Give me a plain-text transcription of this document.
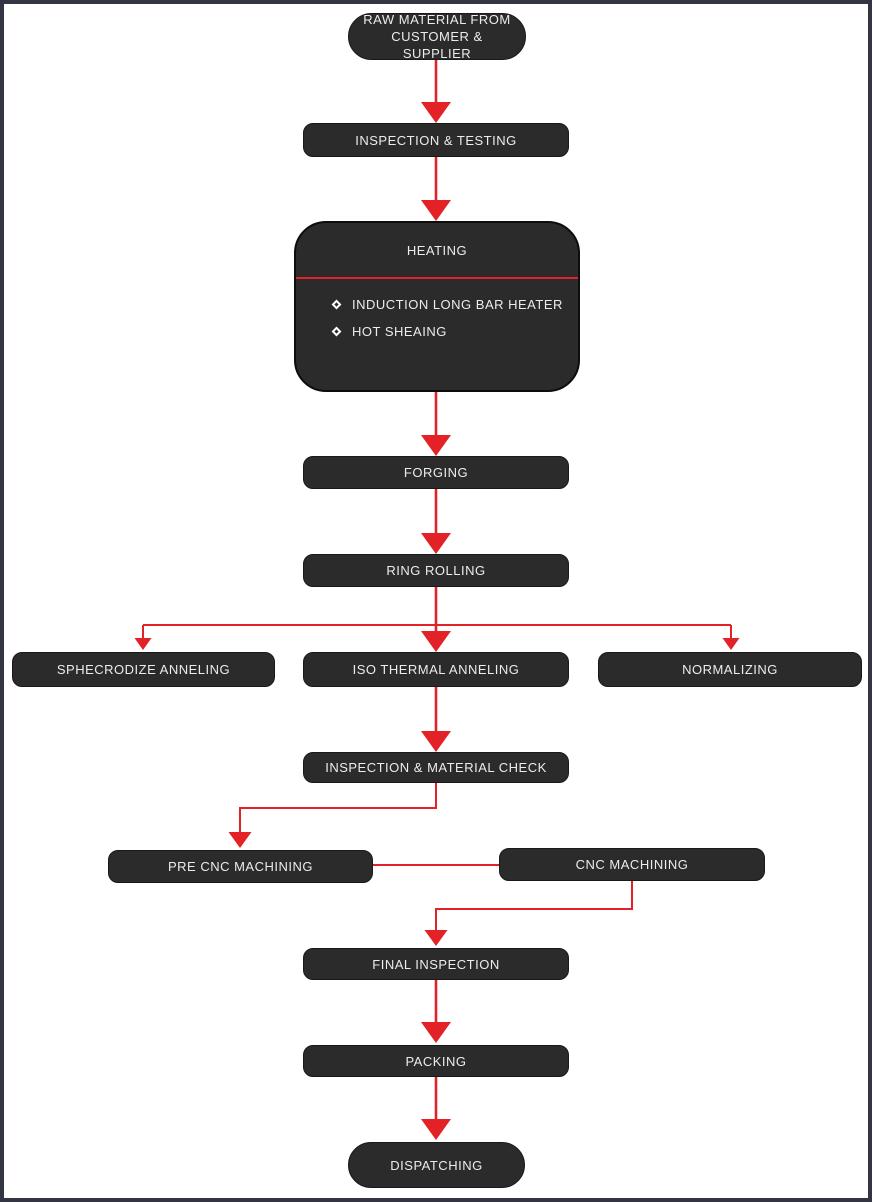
RAW MATERIAL FROM CUSTOMER & SUPPLIER
INSPECTION & TESTING
HEATING
INDUCTION LONG BAR HEATER
HOT SHEAING
FORGING
RING ROLLING
SPHECRODIZE ANNELING	ISO THERMAL ANNELING	NORMALIZING
INSPECTION & MATERIAL CHECK
PRE CNC MACHINING	CNC MACHINING
FINAL INSPECTION
PACKING
DISPATCHING
